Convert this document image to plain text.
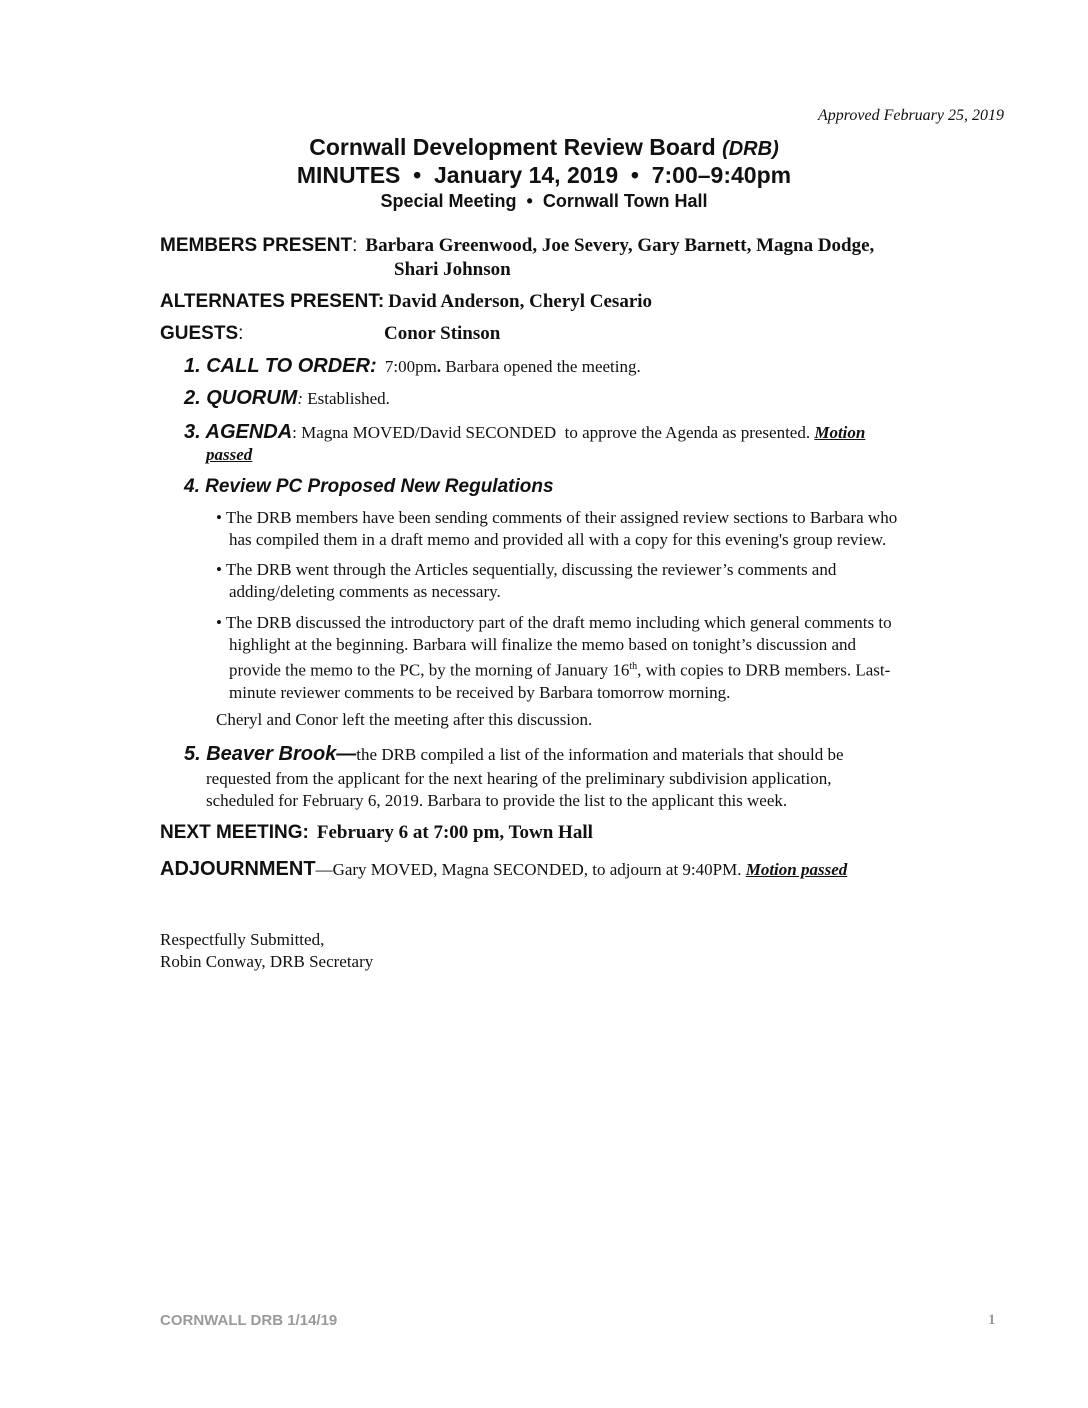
Approved February 25, 2019
Cornwall Development Review Board (DRB)
MINUTES  •  January 14, 2019  •  7:00–9:40pm
Special Meeting  •  Cornwall Town Hall
MEMBERS PRESENT: Barbara Greenwood, Joe Severy, Gary Barnett, Magna Dodge,
Shari Johnson
ALTERNATES PRESENT: David Anderson, Cheryl Cesario
GUESTS:	Conor Stinson
1. CALL TO ORDER: 7:00pm. Barbara opened the meeting.
2. QUORUM: Established.
3. AGENDA: Magna MOVED/David SECONDED  to approve the Agenda as presented. Motion
passed
4. Review PC Proposed New Regulations
• The DRB members have been sending comments of their assigned review sections to Barbara who
has compiled them in a draft memo and provided all with a copy for this evening's group review.
• The DRB went through the Articles sequentially, discussing the reviewer’s comments and
adding/deleting comments as necessary.
• The DRB discussed the introductory part of the draft memo including which general comments to
highlight at the beginning. Barbara will finalize the memo based on tonight’s discussion and
provide the memo to the PC, by the morning of January 16th, with copies to DRB members. Last-
minute reviewer comments to be received by Barbara tomorrow morning.
Cheryl and Conor left the meeting after this discussion.
5. Beaver Brook—the DRB compiled a list of the information and materials that should be
requested from the applicant for the next hearing of the preliminary subdivision application,
scheduled for February 6, 2019. Barbara to provide the list to the applicant this week.
NEXT MEETING: February 6 at 7:00 pm, Town Hall
ADJOURNMENT—Gary MOVED, Magna SECONDED, to adjourn at 9:40PM. Motion passed
Respectfully Submitted,
Robin Conway, DRB Secretary
CORNWALL DRB 1/14/19	1
